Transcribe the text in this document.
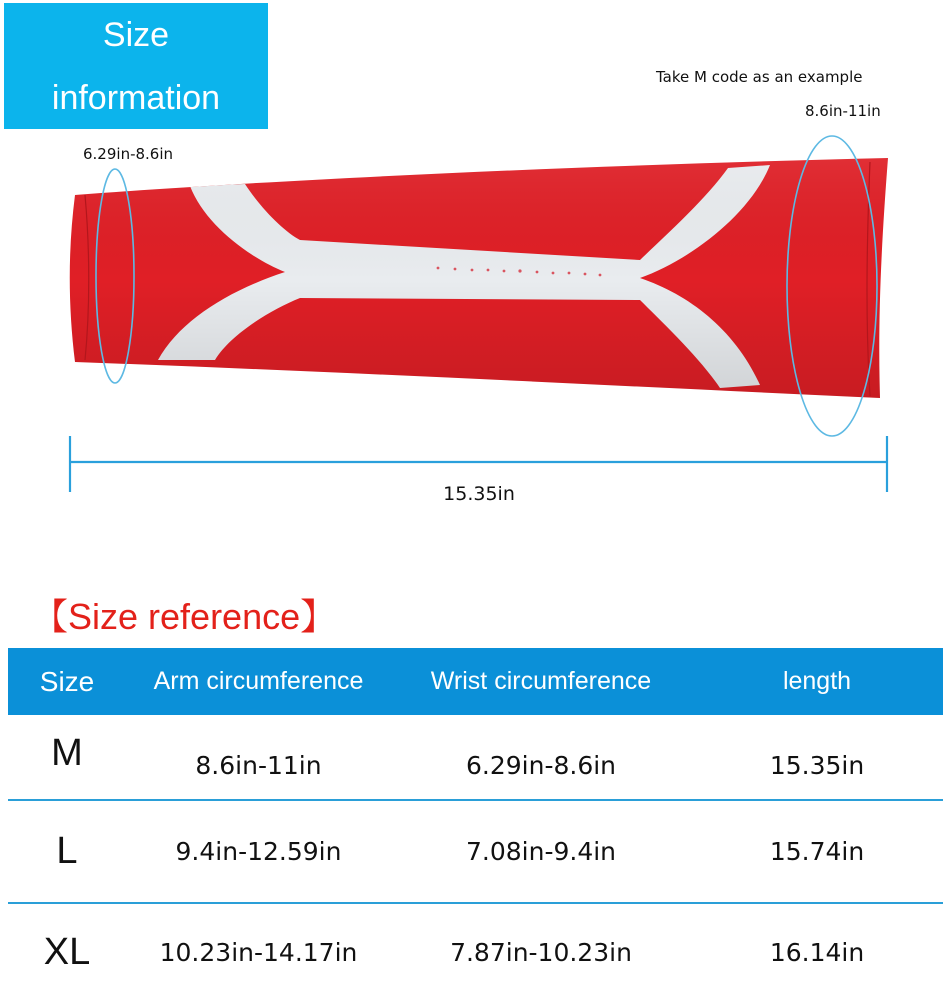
Size
information
Take M code as an example
8.6in-11in
6.29in-8.6in
15.35in
【Size reference】
Size	Arm circumference	Wrist circumference	length
M	8.6in-11in	6.29in-8.6in	15.35in
L	9.4in-12.59in	7.08in-9.4in	15.74in
XL	10.23in-14.17in	7.87in-10.23in	16.14in
